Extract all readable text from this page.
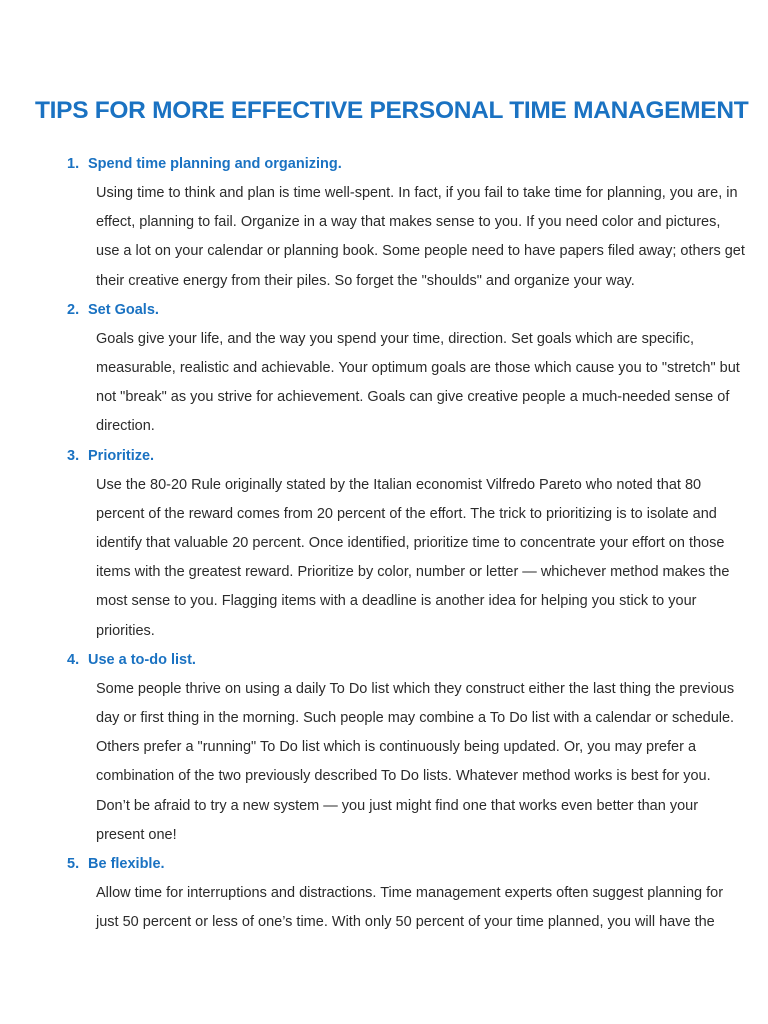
TIPS FOR MORE EFFECTIVE PERSONAL TIME MANAGEMENT
1. Spend time planning and organizing.

Using time to think and plan is time well-spent. In fact, if you fail to take time for planning, you are, in effect, planning to fail. Organize in a way that makes sense to you. If you need color and pictures, use a lot on your calendar or planning book. Some people need to have papers filed away; others get their creative energy from their piles. So forget the "shoulds" and organize your way.

2. Set Goals.

Goals give your life, and the way you spend your time, direction. Set goals which are specific, measurable, realistic and achievable. Your optimum goals are those which cause you to "stretch" but not "break" as you strive for achievement. Goals can give creative people a much-needed sense of direction.

3. Prioritize.

Use the 80-20 Rule originally stated by the Italian economist Vilfredo Pareto who noted that 80 percent of the reward comes from 20 percent of the effort. The trick to prioritizing is to isolate and identify that valuable 20 percent. Once identified, prioritize time to concentrate your effort on those items with the greatest reward. Prioritize by color, number or letter — whichever method makes the most sense to you. Flagging items with a deadline is another idea for helping you stick to your priorities.

4. Use a to-do list.

Some people thrive on using a daily To Do list which they construct either the last thing the previous day or first thing in the morning. Such people may combine a To Do list with a calendar or schedule. Others prefer a "running" To Do list which is continuously being updated. Or, you may prefer a combination of the two previously described To Do lists. Whatever method works is best for you. Don’t be afraid to try a new system — you just might find one that works even better than your present one!

5. Be flexible.

Allow time for interruptions and distractions. Time management experts often suggest planning for just 50 percent or less of one’s time. With only 50 percent of your time planned, you will have the
